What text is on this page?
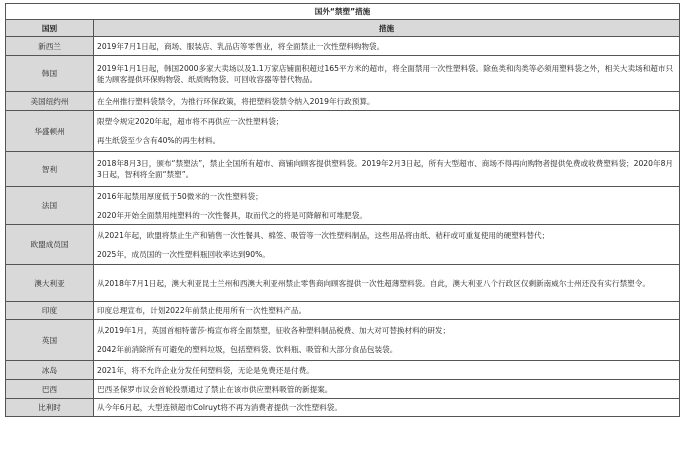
国外“禁塑”措施	
国别	措施
新西兰	2019年7月1日起，商场、服装店、乳品店等零售业，将全面禁止一次性塑料购物袋。

韩国	2019年1月1日起，韩国2000多家大卖场以及1.1万家店铺面积超过165平方米的超市，将全面禁用一次性塑料袋。除鱼类和肉类等必须用塑料袋之外，相关大卖场和超市只能为顾客提供环保购物袋、纸质购物袋、可回收容器等替代物品。

美国纽约州	在全州推行塑料袋禁令，为推行环保政策，将把塑料袋禁令纳入2019年行政预算。

华盛顿州	限塑令规定2020年起，超市将不再供应一次性塑料袋；

再生纸袋至少含有40%的再生材料。

智利	2018年8月3日，颁布“禁塑法”，禁止全国所有超市、商铺向顾客提供塑料袋。2019年2月3日起，所有大型超市、商场不得再向购物者提供免费或收费塑料袋；2020年8月3日起，智利将全面“禁塑”。

法国	2016年起禁用厚度低于50微米的一次性塑料袋；

2020年开始全面禁用纯塑料的一次性餐具，取而代之的将是可降解和可堆肥袋。

欧盟成员国	从2021年起，欧盟将禁止生产和销售一次性餐具、棉签、吸管等一次性塑料制品，这些用品将由纸、秸秆或可重复使用的硬塑料替代；

2025年，成员国的一次性塑料瓶回收率达到90%。

澳大利亚	从2018年7月1日起，澳大利亚昆士兰州和西澳大利亚州禁止零售商向顾客提供一次性超薄塑料袋。自此，澳大利亚八个行政区仅剩新南威尔士州还没有实行禁塑令。

印度	印度总理宣布，计划2022年前禁止使用所有一次性塑料产品。

英国	从2019年1月，英国首相特蕾莎·梅宣布将全面禁塑，征收各种塑料制品税费、加大对可替换材料的研发；

2042年前消除所有可避免的塑料垃圾，包括塑料袋、饮料瓶、吸管和大部分食品包装袋。

冰岛	2021年，将不允许企业分发任何塑料袋，无论是免费还是付费。

巴西	巴西圣保罗市议会首轮投票通过了禁止在该市供应塑料吸管的新提案。

比利时	从今年6月起，大型连锁超市Colruyt将不再为消费者提供一次性塑料袋。
